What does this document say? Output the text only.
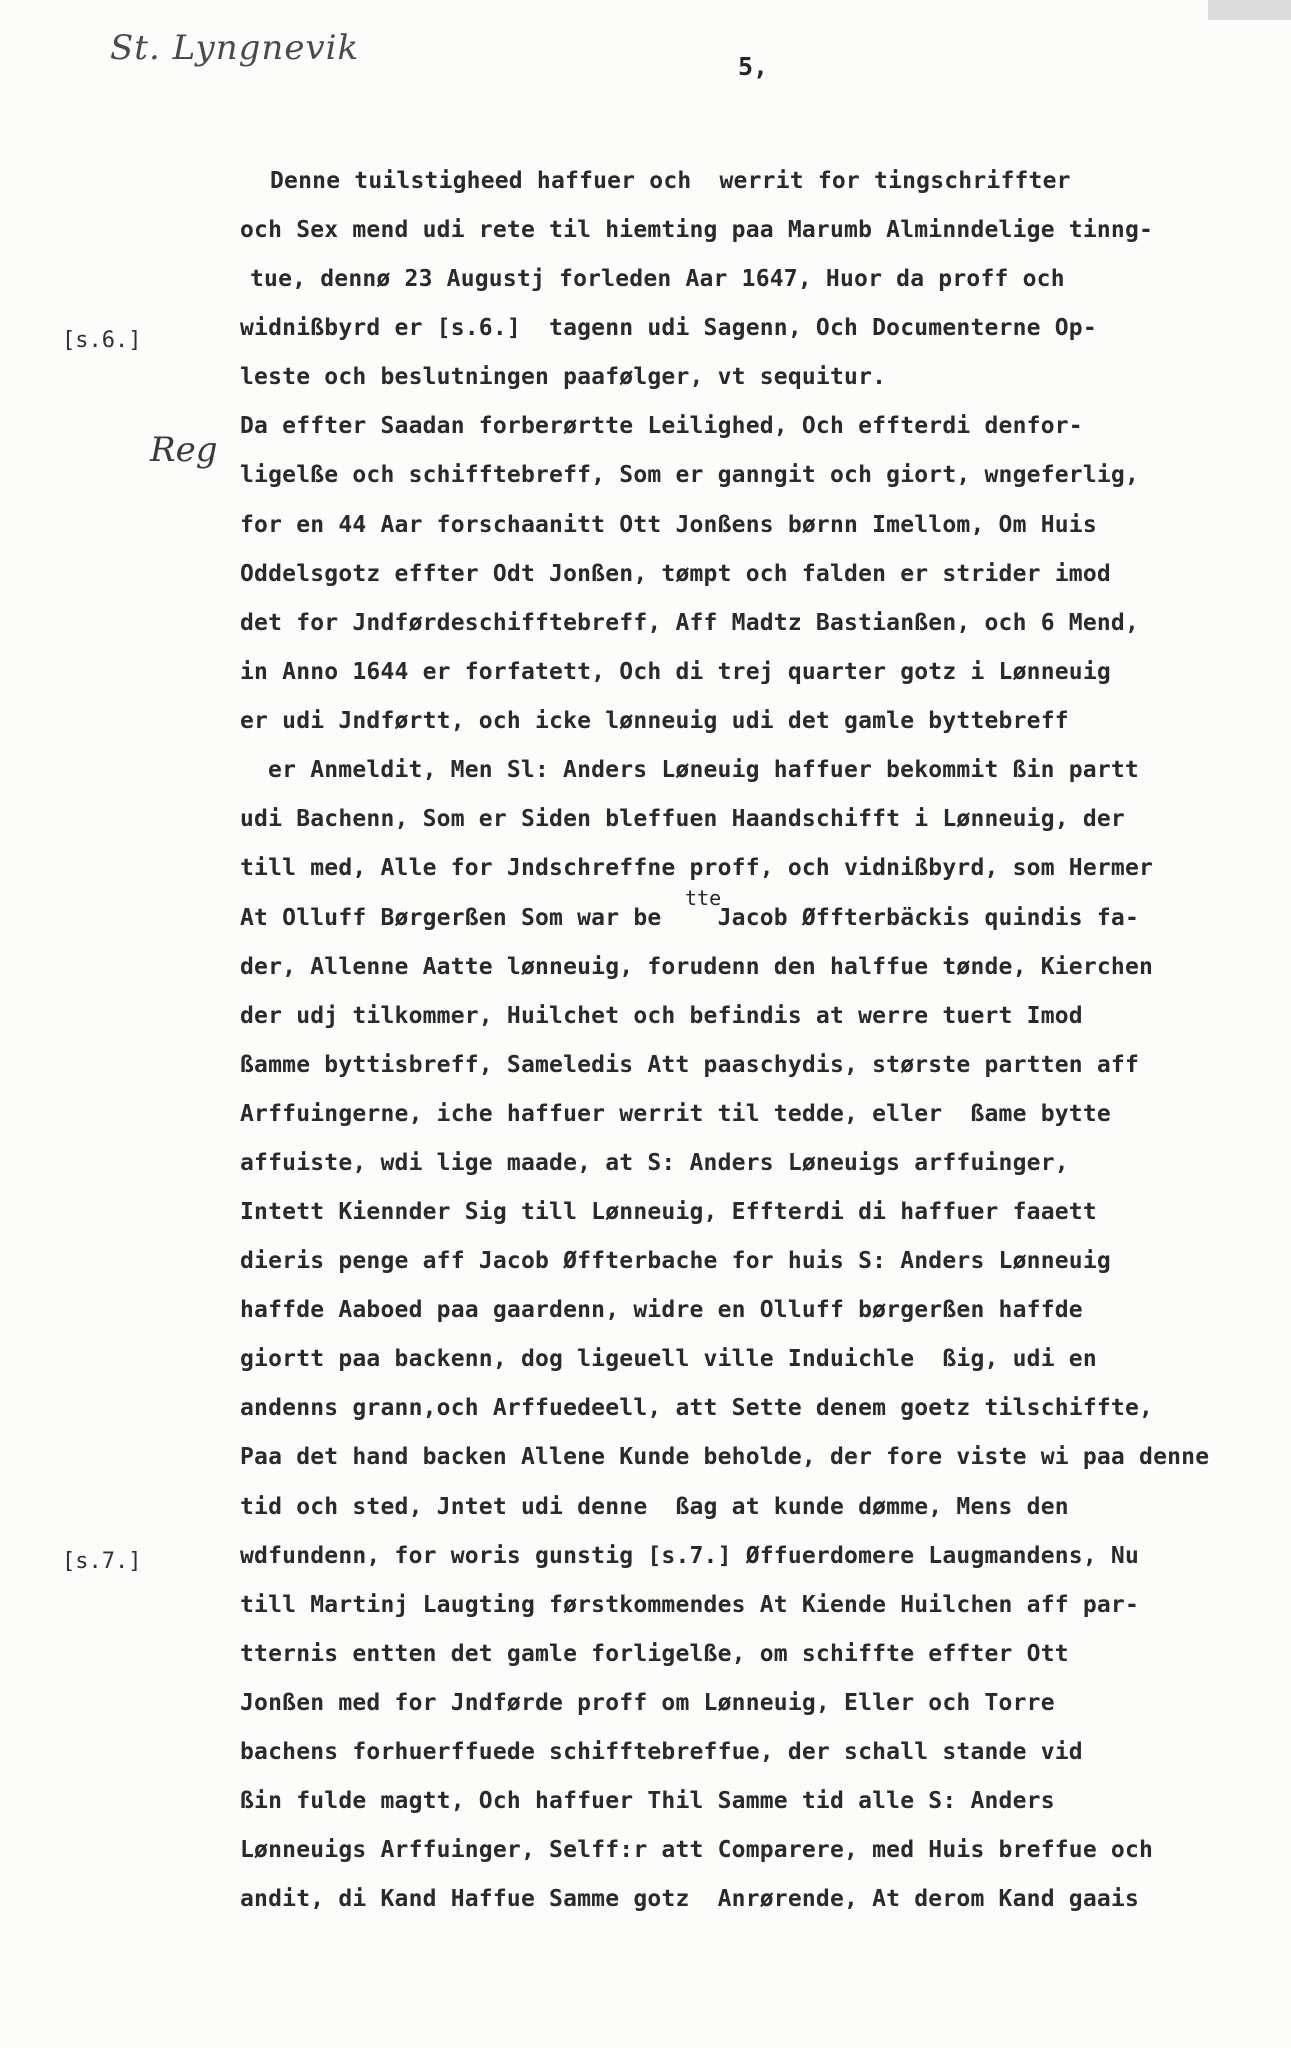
St. Lyngnevik	5,
[s.6.]
[s.7.]
Reg
tte
Denne tuilstigheed haffuer och  werrit for tingschriffter
och Sex mend udi rete til hiemting paa Marumb Alminndelige tinng-
tue, dennø 23 Augustj forleden Aar 1647, Huor da proff och
widnißbyrd er [s.6.]  tagenn udi Sagenn, Och Documenterne Op-
leste och beslutningen paafølger, vt sequitur.
Da effter Saadan forberørtte Leilighed, Och effterdi denfor-
ligelße och schifftebreff, Som er ganngit och giort, wngeferlig,
for en 44 Aar forschaanitt Ott Jonßens børnn Imellom, Om Huis
Oddelsgotz effter Odt Jonßen, tømpt och falden er strider imod
det for Jndførdeschifftebreff, Aff Madtz Bastianßen, och 6 Mend,
in Anno 1644 er forfatett, Och di trej quarter gotz i Lønneuig
er udi Jndførtt, och icke lønneuig udi det gamle byttebreff
er Anmeldit, Men Sl: Anders Løneuig haffuer bekommit ßin partt
udi Bachenn, Som er Siden bleffuen Haandschifft i Lønneuig, der
till med, Alle for Jndschreffne proff, och vidnißbyrd, som Hermer
At Olluff Børgerßen Som war be    Jacob Øffterbäckis quindis fa-
der, Allenne Aatte lønneuig, forudenn den halffue tønde, Kierchen
der udj tilkommer, Huilchet och befindis at werre tuert Imod
ßamme byttisbreff, Sameledis Att paaschydis, største partten aff
Arffuingerne, iche haffuer werrit til tedde, eller  ßame bytte
affuiste, wdi lige maade, at S: Anders Løneuigs arffuinger,
Intett Kiennder Sig till Lønneuig, Effterdi di haffuer faaett
dieris penge aff Jacob Øffterbache for huis S: Anders Lønneuig
haffde Aaboed paa gaardenn, widre en Olluff børgerßen haffde
giortt paa backenn, dog ligeuell ville Induichle  ßig, udi en
andenns grann,och Arffuedeell, att Sette denem goetz tilschiffte,
Paa det hand backen Allene Kunde beholde, der fore viste wi paa denne
tid och sted, Jntet udi denne  ßag at kunde dømme, Mens den
wdfundenn, for woris gunstig [s.7.] Øffuerdomere Laugmandens, Nu
till Martinj Laugting førstkommendes At Kiende Huilchen aff par-
tternis entten det gamle forligelße, om schiffte effter Ott
Jonßen med for Jndførde proff om Lønneuig, Eller och Torre
bachens forhuerffuede schifftebreffue, der schall stande vid
ßin fulde magtt, Och haffuer Thil Samme tid alle S: Anders
Lønneuigs Arffuinger, Selff:r att Comparere, med Huis breffue och
andit, di Kand Haffue Samme gotz  Anrørende, At derom Kand gaais
